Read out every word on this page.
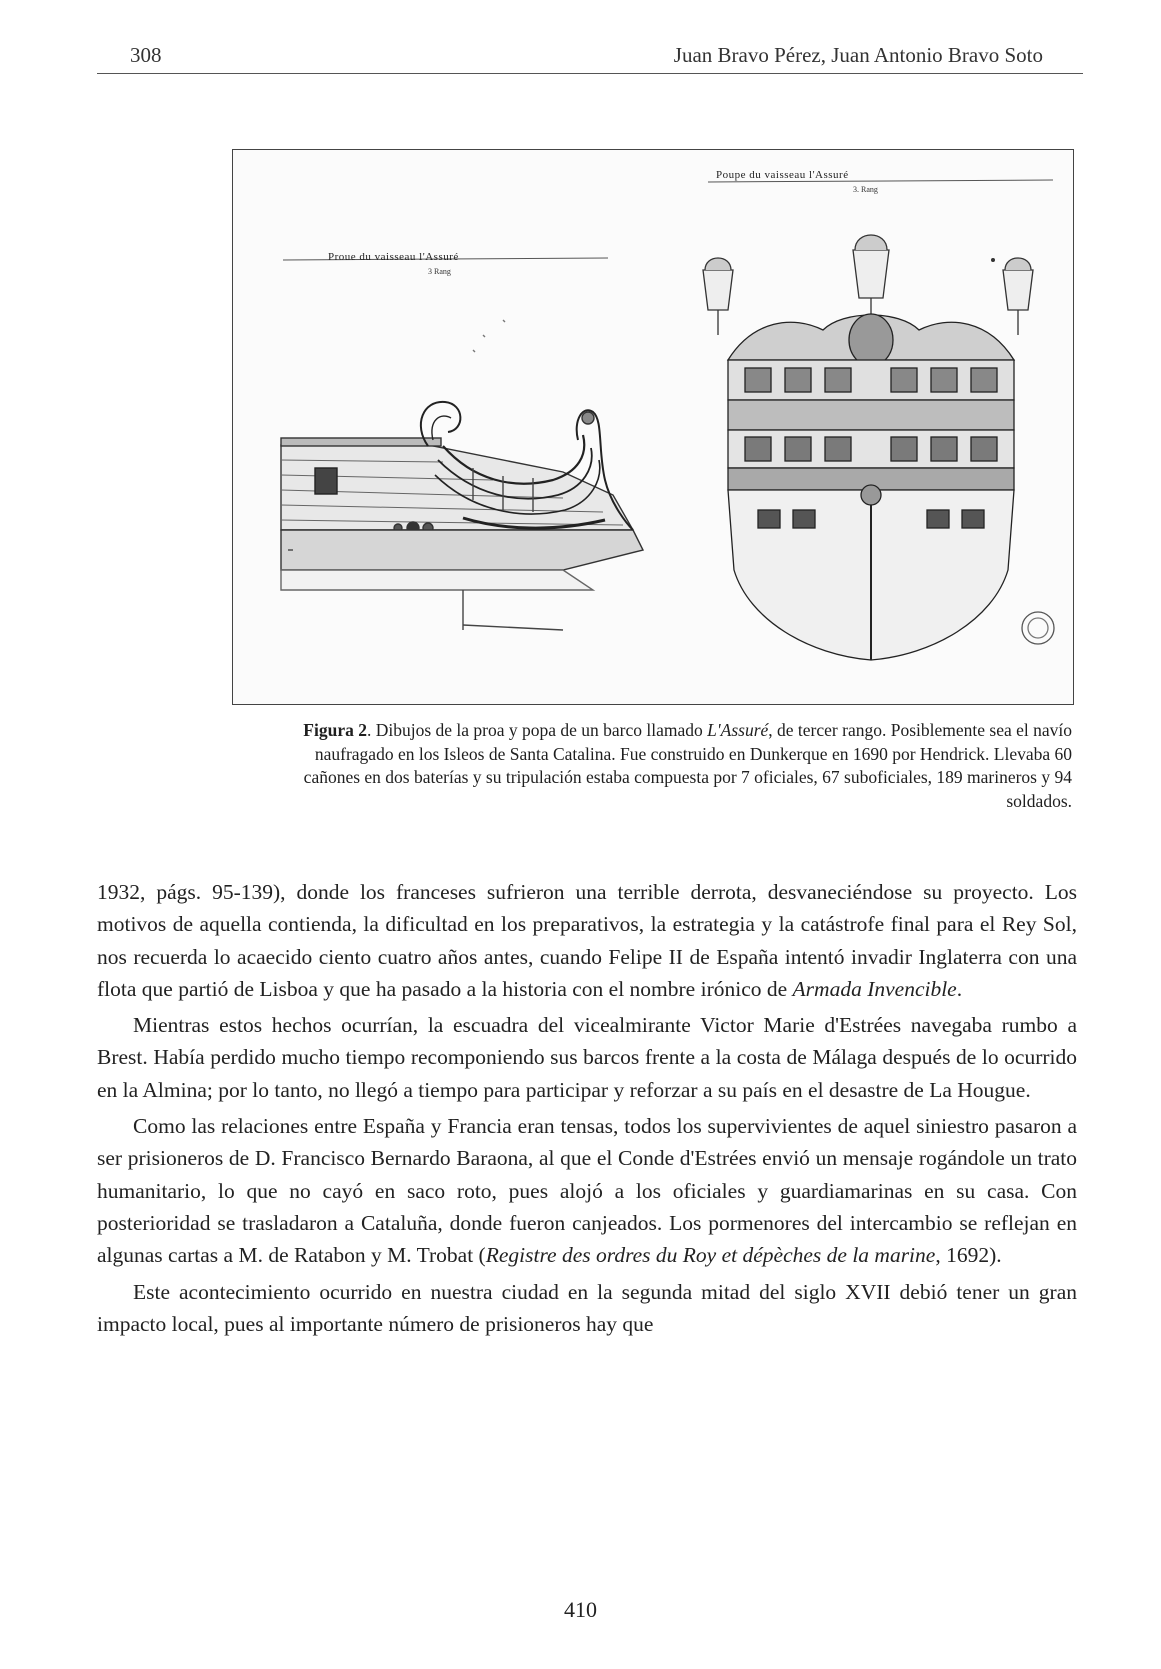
308	Juan Bravo Pérez, Juan Antonio Bravo Soto
Proue du vaisseau l'Assuré
3 Rang
Poupe du vaisseau l'Assuré
3. Rang
Figura 2. Dibujos de la proa y popa de un barco llamado L'Assuré, de tercer rango. Posiblemente sea el navío naufragado en los Isleos de Santa Catalina. Fue construido en Dunkerque en 1690 por Hendrick. Llevaba 60 cañones en dos baterías y su tripulación estaba compuesta por 7 oficiales, 67 suboficiales, 189 marineros y 94 soldados.

1932, págs. 95-139), donde los franceses sufrieron una terrible derrota, desvaneciéndose su proyecto. Los motivos de aquella contienda, la dificultad en los preparativos, la estrategia y la catástrofe final para el Rey Sol, nos recuerda lo acaecido ciento cuatro años antes, cuando Felipe II de España intentó invadir Inglaterra con una flota que partió de Lisboa y que ha pasado a la historia con el nombre irónico de Armada Invencible.

Mientras estos hechos ocurrían, la escuadra del vicealmirante Victor Marie d'Estrées navegaba rumbo a Brest. Había perdido mucho tiempo recomponiendo sus barcos frente a la costa de Málaga después de lo ocurrido en la Almina; por lo tanto, no llegó a tiempo para participar y reforzar a su país en el desastre de La Hougue.

Como las relaciones entre España y Francia eran tensas, todos los supervivientes de aquel siniestro pasaron a ser prisioneros de D. Francisco Bernardo Baraona, al que el Conde d'Estrées envió un mensaje rogándole un trato humanitario, lo que no cayó en saco roto, pues alojó a los oficiales y guardiamarinas en su casa. Con posterioridad se trasladaron a Cataluña, donde fueron canjeados. Los pormenores del intercambio se reflejan en algunas cartas a M. de Ratabon y M. Trobat (Registre des ordres du Roy et dépèches de la marine, 1692).

Este acontecimiento ocurrido en nuestra ciudad en la segunda mitad del siglo XVII debió tener un gran impacto local, pues al importante número de prisioneros hay que

410
